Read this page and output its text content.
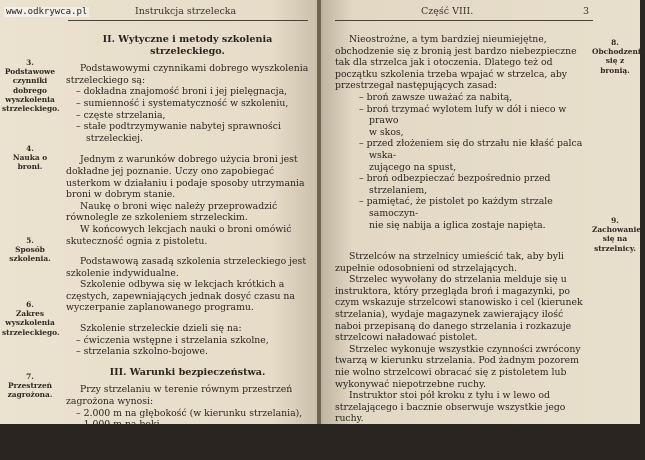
www.odkrywca.pl	Instrukcja strzelecka
3.
Podstawowe czynniki dobrego wyszkolenia strzeleckiego.
4.
Nauka o broni.
5.
Sposób szkolenia.
6.
Zakres wyszkolenia strzeleckiego.
7.
Przestrzeń zagrożona.

II. Wytyczne i metody szkolenia strzeleckiego.

Podstawowymi czynnikami dobrego wyszkolenia strzeleckiego są:

– dokładna znajomość broni i jej pielęgnacja,

– sumienność i systematyczność w szkoleniu,

– częste strzelania,

– stałe podtrzymywanie nabytej sprawności strzeleckiej.

Jednym z warunków dobrego użycia broni jest dokładne jej poznanie. Uczy ono zapobiegać usterkom w działaniu i podaje sposoby utrzymania broni w dobrym stanie.

Naukę o broni więc należy przeprowadzić równolegle ze szkoleniem strzeleckim.

W końcowych lekcjach nauki o broni omówić skuteczność ognia z pistoletu.

Podstawową zasadą szkolenia strzeleckiego jest szkolenie indywidualne.

Szkolenie odbywa się w lekcjach krótkich a częstych, zapewniających jednak dosyć czasu na wyczerpanie zaplanowanego programu.

Szkolenie strzeleckie dzieli się na:

– ćwiczenia wstępne i strzelania szkolne,

– strzelania szkolno-bojowe.

III. Warunki bezpieczeństwa.

Przy strzelaniu w terenie równym przestrzeń zagrożona wynosi:

– 2.000 m na głębokość (w kierunku strzelania),

– 1.000 m na boki

Część VIII.	3

Nieostrożne, a tym bardziej nieumiejętne, obchodzenie się z bronią jest bardzo niebezpieczne tak dla strzelca jak i otoczenia. Dlatego też od początku szkolenia trzeba wpajać w strzelca, aby przestrzegał następujących zasad:

– broń zawsze uważać za nabitą,

– broń trzymać wylotem lufy w dół i nieco w prawo

w skos,

– przed złożeniem się do strzału nie kłaść palca wska-

zującego na spust,

– broń odbezpieczać bezpośrednio przed strzelaniem,

– pamiętać, że pistolet po każdym strzale samoczyn-

nie się nabija a iglica zostaje napięta.

Strzelców na strzelnicy umieścić tak, aby byli zupełnie odosobnieni od strzelających.

Strzelec wywołany do strzelania melduje się u instruktora, który przegląda broń i magazynki, po czym wskazuje strzelcowi stanowisko i cel (kierunek strzelania), wydaje magazynek zawierający ilość naboi przepisaną do danego strzelania i rozkazuje strzelcowi naładować pistolet.

Strzelec wykonuje wszystkie czynności zwrócony twarzą w kierunku strzelania. Pod żadnym pozorem nie wolno strzelcowi obracać się z pistoletem lub wykonywać niepotrzebne ruchy.

Instruktor stoi pół kroku z tyłu i w lewo od strzelającego i bacznie obserwuje wszystkie jego ruchy.

Szczególną uwagę zwraca na ładowanie, rozładowywanie, zabezpieczanie i odbezpieczanie pistoletu.

8.
Obchodzenie się z bronią.
9.
Zachowanie się na strzelnicy.
